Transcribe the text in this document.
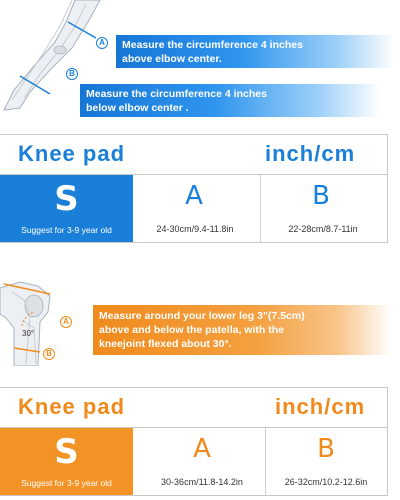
A
B
Measure the circumference 4 inches
above elbow center.
Measure the circumference 4 inches
below elbow center .
Knee pad	inch/cm
S
Suggest for 3-9 year old
A
24-30cm/9.4-11.8in
B
22-28cm/8.7-11in
30°
A
B
Measure around your lower leg 3"(7.5cm)
above and below the patella, with the
kneejoint flexed about 30°.
Knee pad	inch/cm
S
Suggest for 3-9 year old
A
30-36cm/11.8-14.2in
B
26-32cm/10.2-12.6in
